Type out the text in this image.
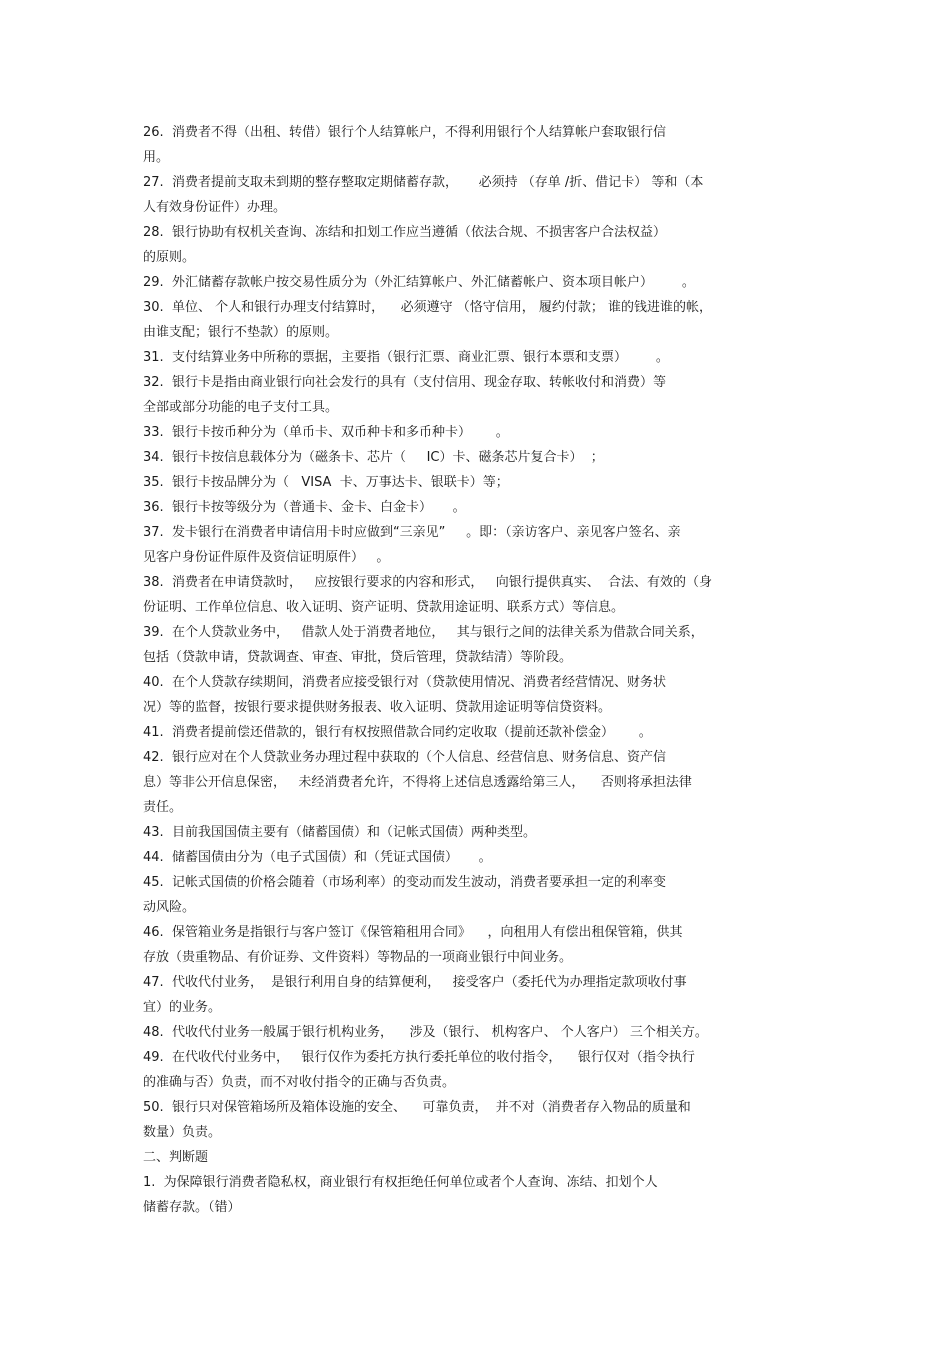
26.  消费者不得（出租、转借）银行个人结算帐户，不得利用银行个人结算帐户套取银行信
用。
27.  消费者提前支取未到期的整存整取定期储蓄存款，     必须持 （存单 /折、借记卡） 等和（本
人有效身份证件）办理。
28.  银行协助有权机关查询、冻结和扣划工作应当遵循（依法合规、不损害客户合法权益）
的原则。
29.  外汇储蓄存款帐户按交易性质分为（外汇结算帐户、外汇储蓄帐户、资本项目帐户）       。
30.  单位、 个人和银行办理支付结算时，    必须遵守 （恪守信用， 履约付款； 谁的钱进谁的帐，
由谁支配；银行不垫款）的原则。
31.  支付结算业务中所称的票据，主要指（银行汇票、商业汇票、银行本票和支票）       。
32.  银行卡是指由商业银行向社会发行的具有（支付信用、现金存取、转帐收付和消费）等
全部或部分功能的电子支付工具。
33.  银行卡按币种分为（单币卡、双币种卡和多币种卡）      。
34.  银行卡按信息载体分为（磁条卡、芯片（     IC）卡、磁条芯片复合卡）  ；
35.  银行卡按品牌分为（   VISA  卡、万事达卡、银联卡）等；
36.  银行卡按等级分为（普通卡、金卡、白金卡）     。
37.  发卡银行在消费者申请信用卡时应做到“三亲见”     。即：（亲访客户、亲见客户签名、亲
见客户身份证件原件及资信证明原件）   。
38.  消费者在申请贷款时，   应按银行要求的内容和形式，   向银行提供真实、  合法、有效的（身
份证明、工作单位信息、收入证明、资产证明、贷款用途证明、联系方式）等信息。
39.  在个人贷款业务中，   借款人处于消费者地位，   其与银行之间的法律关系为借款合同关系，
包括（贷款申请，贷款调查、审查、审批，贷后管理，贷款结清）等阶段。
40.  在个人贷款存续期间，消费者应接受银行对（贷款使用情况、消费者经营情况、财务状
况）等的监督，按银行要求提供财务报表、收入证明、贷款用途证明等信贷资料。
41.  消费者提前偿还借款的，银行有权按照借款合同约定收取（提前还款补偿金）      。
42.  银行应对在个人贷款业务办理过程中获取的（个人信息、经营信息、财务信息、资产信
息）等非公开信息保密，   未经消费者允许，不得将上述信息透露给第三人，    否则将承担法律
责任。
43.  目前我国国债主要有（储蓄国债）和（记帐式国债）两种类型。
44.  储蓄国债由分为（电子式国债）和（凭证式国债）     。
45.  记帐式国债的价格会随着（市场利率）的变动而发生波动，消费者要承担一定的利率变
动风险。
46.  保管箱业务是指银行与客户签订《保管箱租用合同》    ，向租用人有偿出租保管箱，供其
存放（贵重物品、有价证券、文件资料）等物品的一项商业银行中间业务。
47.  代收代付业务，  是银行利用自身的结算便利，   接受客户（委托代为办理指定款项收付事
宜）的业务。
48.  代收代付业务一般属于银行机构业务，    涉及（银行、 机构客户、 个人客户） 三个相关方。
49.  在代收代付业务中，   银行仅作为委托方执行委托单位的收付指令，    银行仅对（指令执行
的准确与否）负责，而不对收付指令的正确与否负责。
50.  银行只对保管箱场所及箱体设施的安全、    可靠负责，  并不对（消费者存入物品的质量和
数量）负责。
二、判断题
1.  为保障银行消费者隐私权，商业银行有权拒绝任何单位或者个人查询、冻结、扣划个人
储蓄存款。（错）
